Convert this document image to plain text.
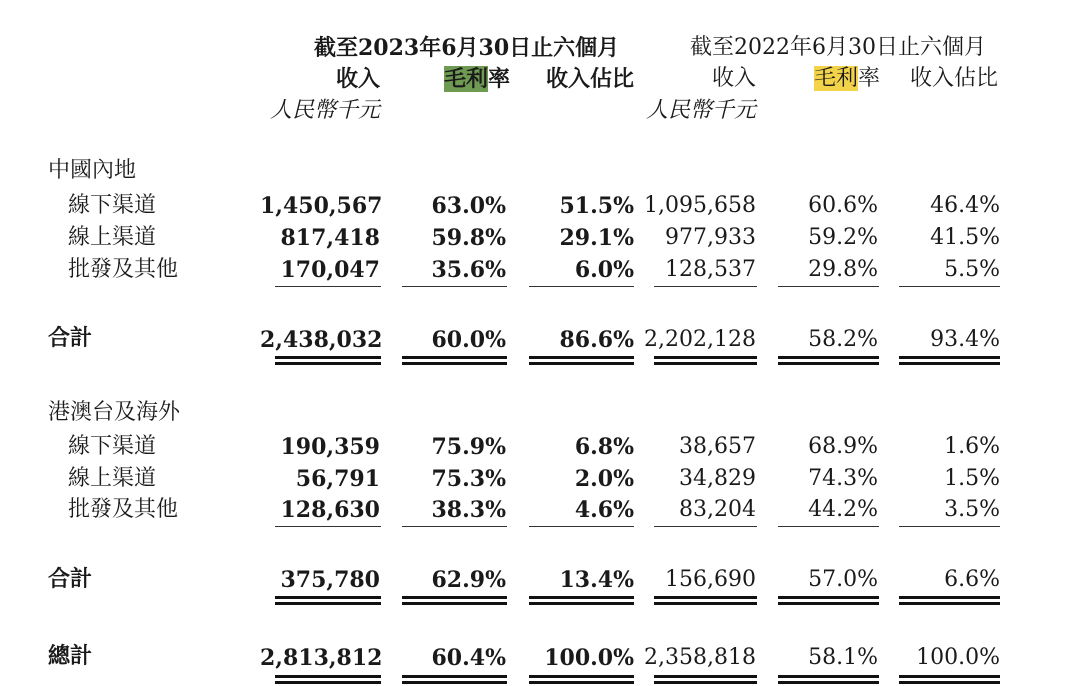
截至2023年6月30日止六個月	截至2022年6月30日止六個月
收入	毛利率	收入佔比	收入	毛利率	收入佔比
人民幣千元	人民幣千元
中國內地
線下渠道	1,450,567	63.0%	51.5% 1,095,658	60.6%	46.4%
線上渠道	817,418	59.8%	29.1%	977,933	59.2%	41.5%
批發及其他	170,047	35.6%	6.0%	128,537	29.8%	5.5%
合計	2,438,032	60.0%	86.6% 2,202,128	58.2%	93.4%
港澳台及海外
線下渠道	190,359	75.9%	6.8%	38,657	68.9%	1.6%
線上渠道	56,791	75.3%	2.0%	34,829	74.3%	1.5%
批發及其他	128,630	38.3%	4.6%	83,204	44.2%	3.5%
合計	375,780	62.9%	13.4%	156,690	57.0%	6.6%
總計	2,813,812	60.4%	100.0% 2,358,818	58.1%	100.0%
